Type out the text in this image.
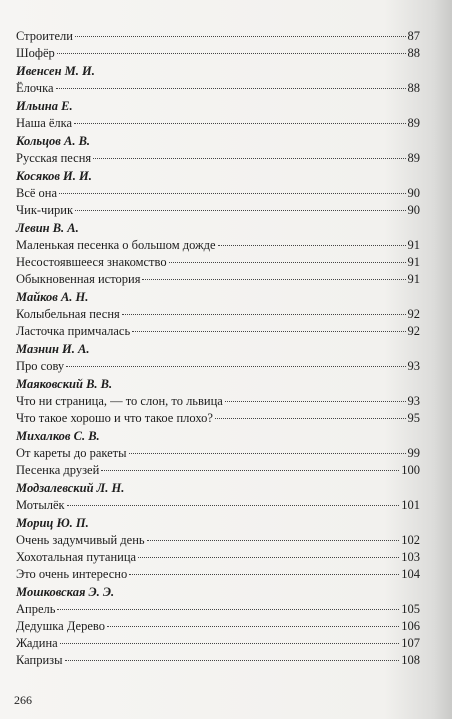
Строители	87
Шофёр	88
Ивенсен М. И.
Ёлочка	88
Ильина Е.
Наша ёлка	89
Кольцов А. В.
Русская песня	89
Косяков И. И.
Всё она	90
Чик-чирик	90
Левин В. А.
Маленькая песенка о большом дожде	91
Несостоявшееся знакомство	91
Обыкновенная история	91
Майков А. Н.
Колыбельная песня	92
Ласточка примчалась	92
Мазнин И. А.
Про сову	93
Маяковский В. В.
Что ни страница, — то слон, то львица	93
Что такое хорошо и что такое плохо?	95
Михалков С. В.
От кареты до ракеты	99
Песенка друзей	100
Модзалевский Л. Н.
Мотылёк	101
Мориц Ю. П.
Очень задумчивый день	102
Хохотальная путаница	103
Это очень интересно	104
Мошковская Э. Э.
Апрель	105
Дедушка Дерево	106
Жадина	107
Капризы	108
266
